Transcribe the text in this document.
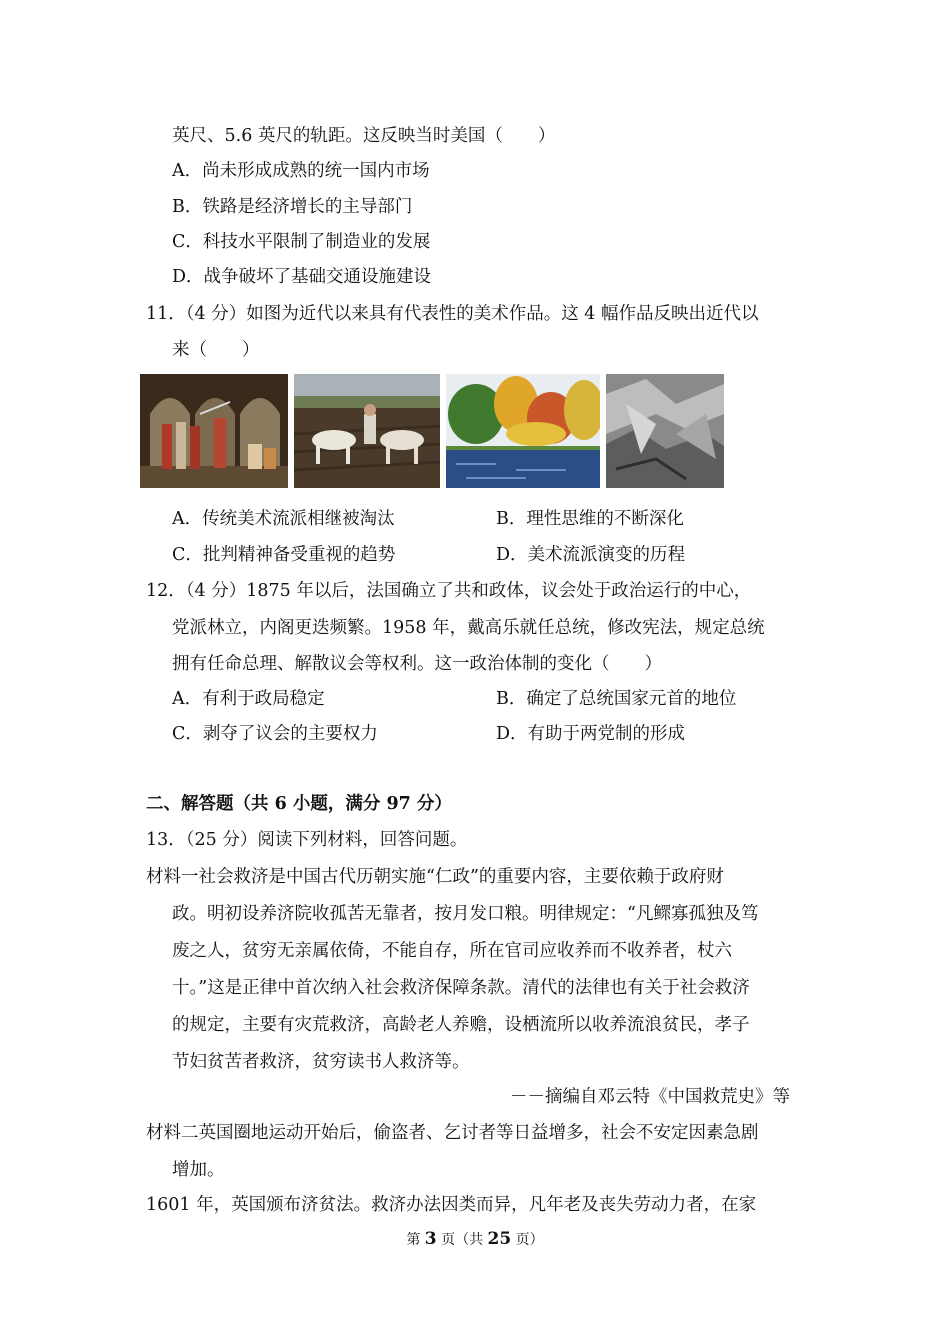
英尺、5.6 英尺的轨距。这反映当时美国（　　）
A．尚未形成成熟的统一国内市场
B．铁路是经济增长的主导部门
C．科技水平限制了制造业的发展
D．战争破坏了基础交通设施建设
11．（4 分）如图为近代以来具有代表性的美术作品。这 4 幅作品反映出近代以
来（　　）
A．传统美术流派相继被淘汰	B．理性思维的不断深化
C．批判精神备受重视的趋势	D．美术流派演变的历程
12．（4 分）1875 年以后，法国确立了共和政体，议会处于政治运行的中心，
党派林立，内阁更迭频繁。1958 年，戴高乐就任总统，修改宪法，规定总统
拥有任命总理、解散议会等权利。这一政治体制的变化（　　）
A．有利于政局稳定	B．确定了总统国家元首的地位
C．剥夺了议会的主要权力	D．有助于两党制的形成
二、解答题（共 6 小题，满分 97 分）
13．（25 分）阅读下列材料，回答问题。
材料一社会救济是中国古代历朝实施“仁政”的重要内容，主要依赖于政府财
政。明初设养济院收孤苦无靠者，按月发口粮。明律规定：“凡鳏寡孤独及笃
废之人，贫穷无亲属依倚，不能自存，所在官司应收养而不收养者，杖六
十。”这是正律中首次纳入社会救济保障条款。清代的法律也有关于社会救济
的规定，主要有灾荒救济，高龄老人养赡，设栖流所以收养流浪贫民，孝子
节妇贫苦者救济，贫穷读书人救济等。
－－摘编自邓云特《中国救荒史》等
材料二英国圈地运动开始后，偷盗者、乞讨者等日益增多，社会不安定因素急剧
增加。
1601 年，英国颁布济贫法。救济办法因类而异，凡年老及丧失劳动力者，在家
第 3 页（共 25 页）
